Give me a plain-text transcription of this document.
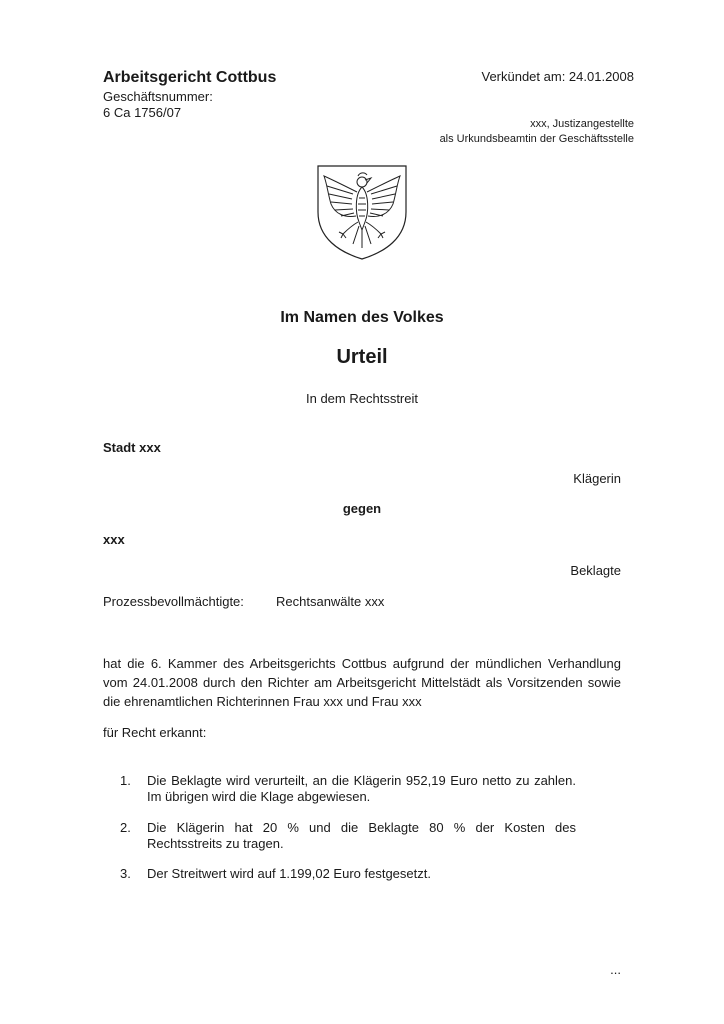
Arbeitsgericht Cottbus
Geschäftsnummer:
6 Ca 1756/07
Verkündet am: 24.01.2008
xxx, Justizangestellte
als Urkundsbeamtin der Geschäftsstelle
Im Namen des Volkes
Urteil
In dem Rechtsstreit
Stadt xxx
Klägerin
gegen
xxx
Beklagte
Prozessbevollmächtigte: Rechtsanwälte xxx
hat die 6. Kammer des Arbeitsgerichts Cottbus aufgrund der mündlichen Verhandlung vom 24.01.2008 durch den Richter am Arbeitsgericht Mittelstädt als Vorsitzenden sowie die ehrenamtlichen Richterinnen Frau xxx und Frau xxx
für Recht erkannt:
1.	Die Beklagte wird verurteilt, an die Klägerin 952,19 Euro netto zu zahlen. Im übrigen wird die Klage abgewiesen.
2.	Die Klägerin hat 20 % und die Beklagte 80 % der Kosten des Rechtsstreits zu tragen.
3.	Der Streitwert wird auf 1.199,02 Euro festgesetzt.
...
